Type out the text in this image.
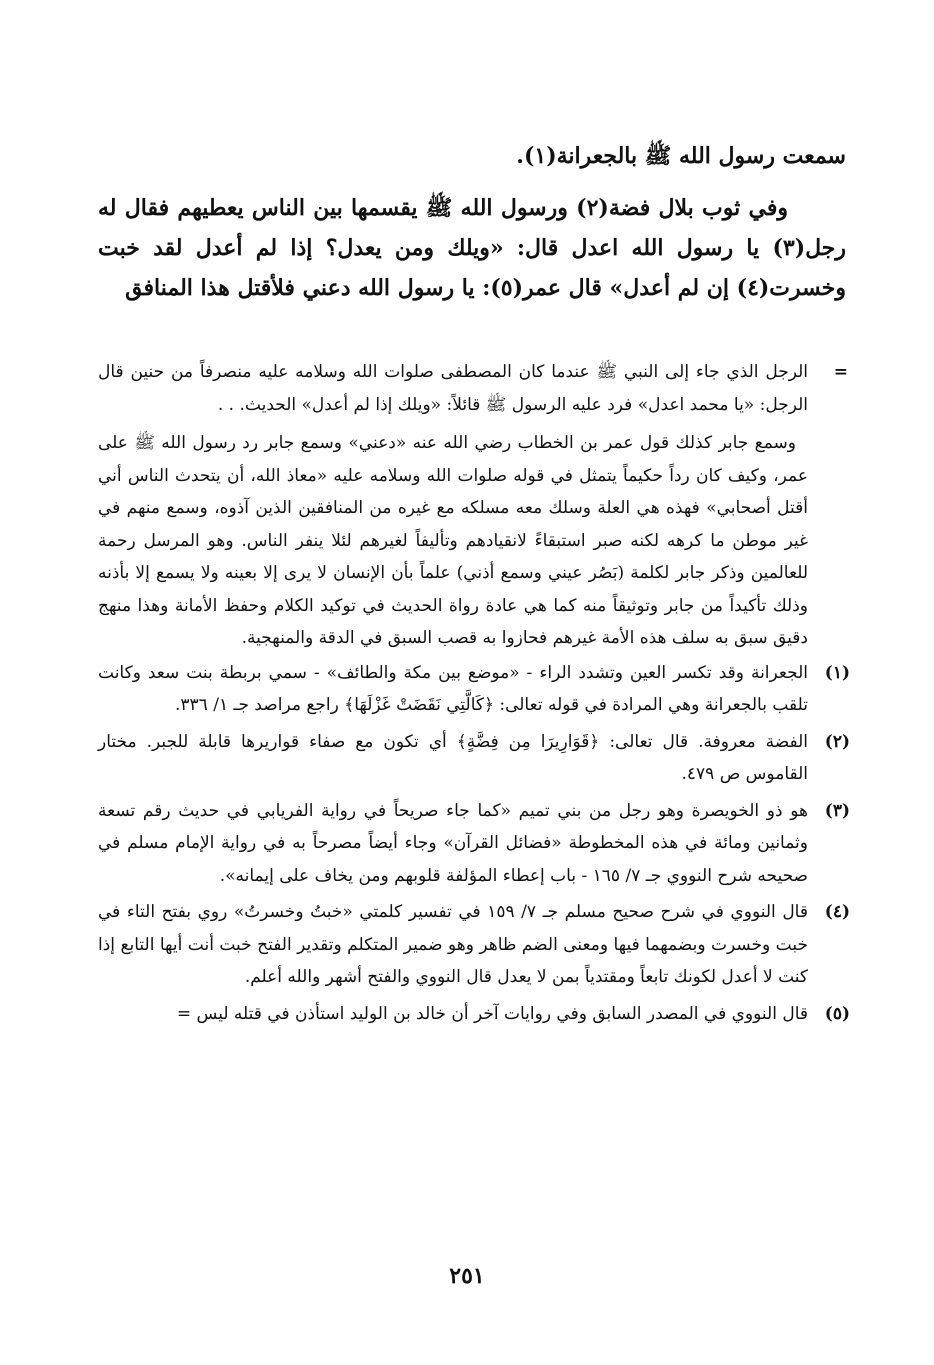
سمعت رسول الله ﷺ بالجعرانة(١).

وفي ثوب بلال فضة(٢) ورسول الله ﷺ يقسمها بين الناس يعطيهم فقال له رجل(٣) يا رسول الله اعدل قال: «ويلك ومن يعدل؟ إذا لم أعدل لقد خبت وخسرت(٤) إن لم أعدل» قال عمر(٥): يا رسول الله دعني فلأقتل هذا المنافق

=

الرجل الذي جاء إلى النبي ﷺ عندما كان المصطفى صلوات الله وسلامه عليه منصرفاً من حنين قال الرجل: «يا محمد اعدل» فرد عليه الرسول ﷺ قائلاً: «ويلك إذا لم أعدل» الحديث. . .

وسمع جابر كذلك قول عمر بن الخطاب رضي الله عنه «دعني» وسمع جابر رد رسول الله ﷺ على عمر، وكيف كان رداً حكيماً يتمثل في قوله صلوات الله وسلامه عليه «معاذ الله، أن يتحدث الناس أني أقتل أصحابي» فهذه هي العلة وسلك معه مسلكه مع غيره من المنافقين الذين آذوه، وسمع منهم في غير موطن ما كرهه لكنه صبر استبقاءً لانقيادهم وتأليفاً لغيرهم لئلا ينفر الناس. وهو المرسل رحمة للعالمين وذكر جابر لكلمة (بَصُر عيني وسمع أذني) علماً بأن الإنسان لا يرى إلا بعينه ولا يسمع إلا بأذنه وذلك تأكيداً من جابر وتوثيقاً منه كما هي عادة رواة الحديث في توكيد الكلام وحفظ الأمانة وهذا منهج دقيق سبق به سلف هذه الأمة غيرهم فحازوا به قصب السبق في الدقة والمنهجية.

(١)
الجعرانة وقد تكسر العين وتشدد الراء - «موضع بين مكة والطائف» - سمي بربطة بنت سعد وكانت تلقب بالجعرانة وهي المرادة في قوله تعالى: ﴿كَالَّتِي نَقَضَتْ غَزْلَهَا﴾ راجع مراصد جـ ١/ ٣٣٦.
(٢)
الفضة معروفة. قال تعالى: ﴿قَوَارِيرَا مِن فِضَّةٍ﴾ أي تكون مع صفاء قواريرها قابلة للجبر. مختار القاموس ص ٤٧٩.
(٣)
هو ذو الخويصرة وهو رجل من بني تميم «كما جاء صريحاً في رواية الفريابي في حديث رقم تسعة وثمانين ومائة في هذه المخطوطة «فضائل القرآن» وجاء أيضاً مصرحاً به في رواية الإمام مسلم في صحيحه شرح النووي جـ ٧/ ١٦٥ - باب إعطاء المؤلفة قلوبهم ومن يخاف على إيمانه».
(٤)
قال النووي في شرح صحيح مسلم جـ ٧/ ١٥٩ في تفسير كلمتي «خبتُ وخسرتُ» روي بفتح التاء في خبت وخسرت وبضمهما فيها ومعنى الضم ظاهر وهو ضمير المتكلم وتقدير الفتح خبت أنت أيها التابع إذا كنت لا أعدل لكونك تابعاً ومقتدياً بمن لا يعدل قال النووي والفتح أشهر والله أعلم.
(٥)
قال النووي في المصدر السابق وفي روايات آخر أن خالد بن الوليد استأذن في قتله ليس =
٢٥١
